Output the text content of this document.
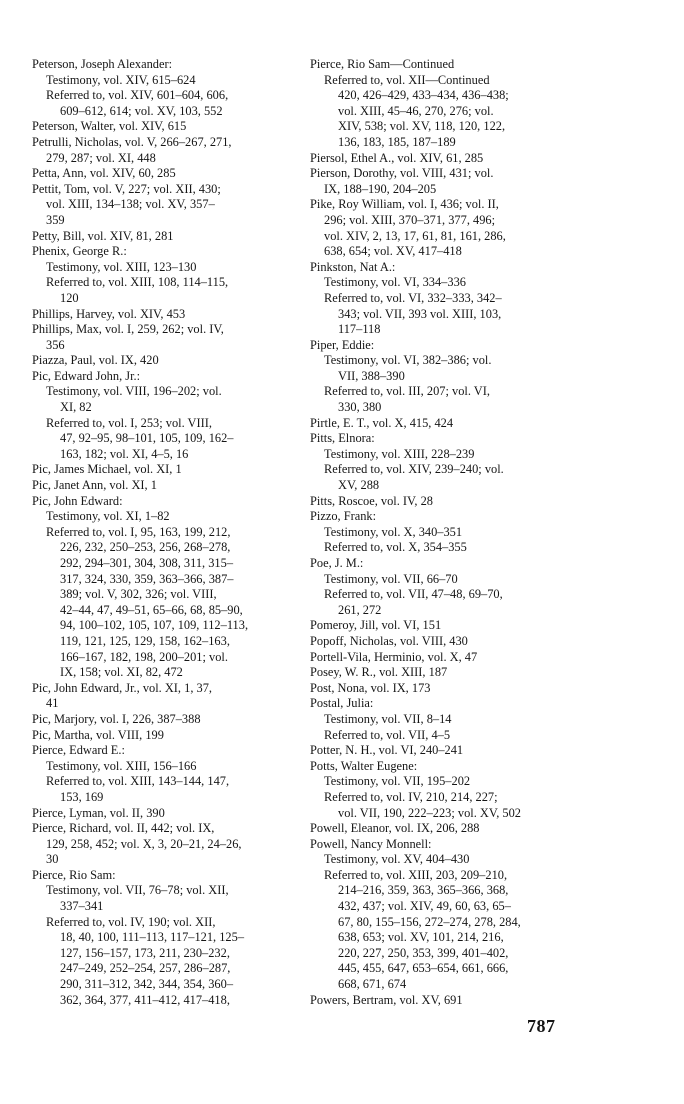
Peterson, Joseph Alexander:
Testimony, vol. XIV, 615–624
Referred to, vol. XIV, 601–604, 606,
609–612, 614; vol. XV, 103, 552
Peterson, Walter, vol. XIV, 615
Petrulli, Nicholas, vol. V, 266–267, 271,
279, 287; vol. XI, 448
Petta, Ann, vol. XIV, 60, 285
Pettit, Tom, vol. V, 227; vol. XII, 430;
vol. XIII, 134–138; vol. XV, 357–
359
Petty, Bill, vol. XIV, 81, 281
Phenix, George R.:
Testimony, vol. XIII, 123–130
Referred to, vol. XIII, 108, 114–115,
120
Phillips, Harvey, vol. XIV, 453
Phillips, Max, vol. I, 259, 262; vol. IV,
356
Piazza, Paul, vol. IX, 420
Pic, Edward John, Jr.:
Testimony, vol. VIII, 196–202; vol.
XI, 82
Referred to, vol. I, 253; vol. VIII,
47, 92–95, 98–101, 105, 109, 162–
163, 182; vol. XI, 4–5, 16
Pic, James Michael, vol. XI, 1
Pic, Janet Ann, vol. XI, 1
Pic, John Edward:
Testimony, vol. XI, 1–82
Referred to, vol. I, 95, 163, 199, 212,
226, 232, 250–253, 256, 268–278,
292, 294–301, 304, 308, 311, 315–
317, 324, 330, 359, 363–366, 387–
389; vol. V, 302, 326; vol. VIII,
42–44, 47, 49–51, 65–66, 68, 85–90,
94, 100–102, 105, 107, 109, 112–113,
119, 121, 125, 129, 158, 162–163,
166–167, 182, 198, 200–201; vol.
IX, 158; vol. XI, 82, 472
Pic, John Edward, Jr., vol. XI, 1, 37,
41
Pic, Marjory, vol. I, 226, 387–388
Pic, Martha, vol. VIII, 199
Pierce, Edward E.:
Testimony, vol. XIII, 156–166
Referred to, vol. XIII, 143–144, 147,
153, 169
Pierce, Lyman, vol. II, 390
Pierce, Richard, vol. II, 442; vol. IX,
129, 258, 452; vol. X, 3, 20–21, 24–26,
30
Pierce, Rio Sam:
Testimony, vol. VII, 76–78; vol. XII,
337–341
Referred to, vol. IV, 190; vol. XII,
18, 40, 100, 111–113, 117–121, 125–
127, 156–157, 173, 211, 230–232,
247–249, 252–254, 257, 286–287,
290, 311–312, 342, 344, 354, 360–
362, 364, 377, 411–412, 417–418,
Pierce, Rio Sam—Continued
Referred to, vol. XII—Continued
420, 426–429, 433–434, 436–438;
vol. XIII, 45–46, 270, 276; vol.
XIV, 538; vol. XV, 118, 120, 122,
136, 183, 185, 187–189
Piersol, Ethel A., vol. XIV, 61, 285
Pierson, Dorothy, vol. VIII, 431; vol.
IX, 188–190, 204–205
Pike, Roy William, vol. I, 436; vol. II,
296; vol. XIII, 370–371, 377, 496;
vol. XIV, 2, 13, 17, 61, 81, 161, 286,
638, 654; vol. XV, 417–418
Pinkston, Nat A.:
Testimony, vol. VI, 334–336
Referred to, vol. VI, 332–333, 342–
343; vol. VII, 393 vol. XIII, 103,
117–118
Piper, Eddie:
Testimony, vol. VI, 382–386; vol.
VII, 388–390
Referred to, vol. III, 207; vol. VI,
330, 380
Pirtle, E. T., vol. X, 415, 424
Pitts, Elnora:
Testimony, vol. XIII, 228–239
Referred to, vol. XIV, 239–240; vol.
XV, 288
Pitts, Roscoe, vol. IV, 28
Pizzo, Frank:
Testimony, vol. X, 340–351
Referred to, vol. X, 354–355
Poe, J. M.:
Testimony, vol. VII, 66–70
Referred to, vol. VII, 47–48, 69–70,
261, 272
Pomeroy, Jill, vol. VI, 151
Popoff, Nicholas, vol. VIII, 430
Portell-Vila, Herminio, vol. X, 47
Posey, W. R., vol. XIII, 187
Post, Nona, vol. IX, 173
Postal, Julia:
Testimony, vol. VII, 8–14
Referred to, vol. VII, 4–5
Potter, N. H., vol. VI, 240–241
Potts, Walter Eugene:
Testimony, vol. VII, 195–202
Referred to, vol. IV, 210, 214, 227;
vol. VII, 190, 222–223; vol. XV, 502
Powell, Eleanor, vol. IX, 206, 288
Powell, Nancy Monnell:
Testimony, vol. XV, 404–430
Referred to, vol. XIII, 203, 209–210,
214–216, 359, 363, 365–366, 368,
432, 437; vol. XIV, 49, 60, 63, 65–
67, 80, 155–156, 272–274, 278, 284,
638, 653; vol. XV, 101, 214, 216,
220, 227, 250, 353, 399, 401–402,
445, 455, 647, 653–654, 661, 666,
668, 671, 674
Powers, Bertram, vol. XV, 691
787
